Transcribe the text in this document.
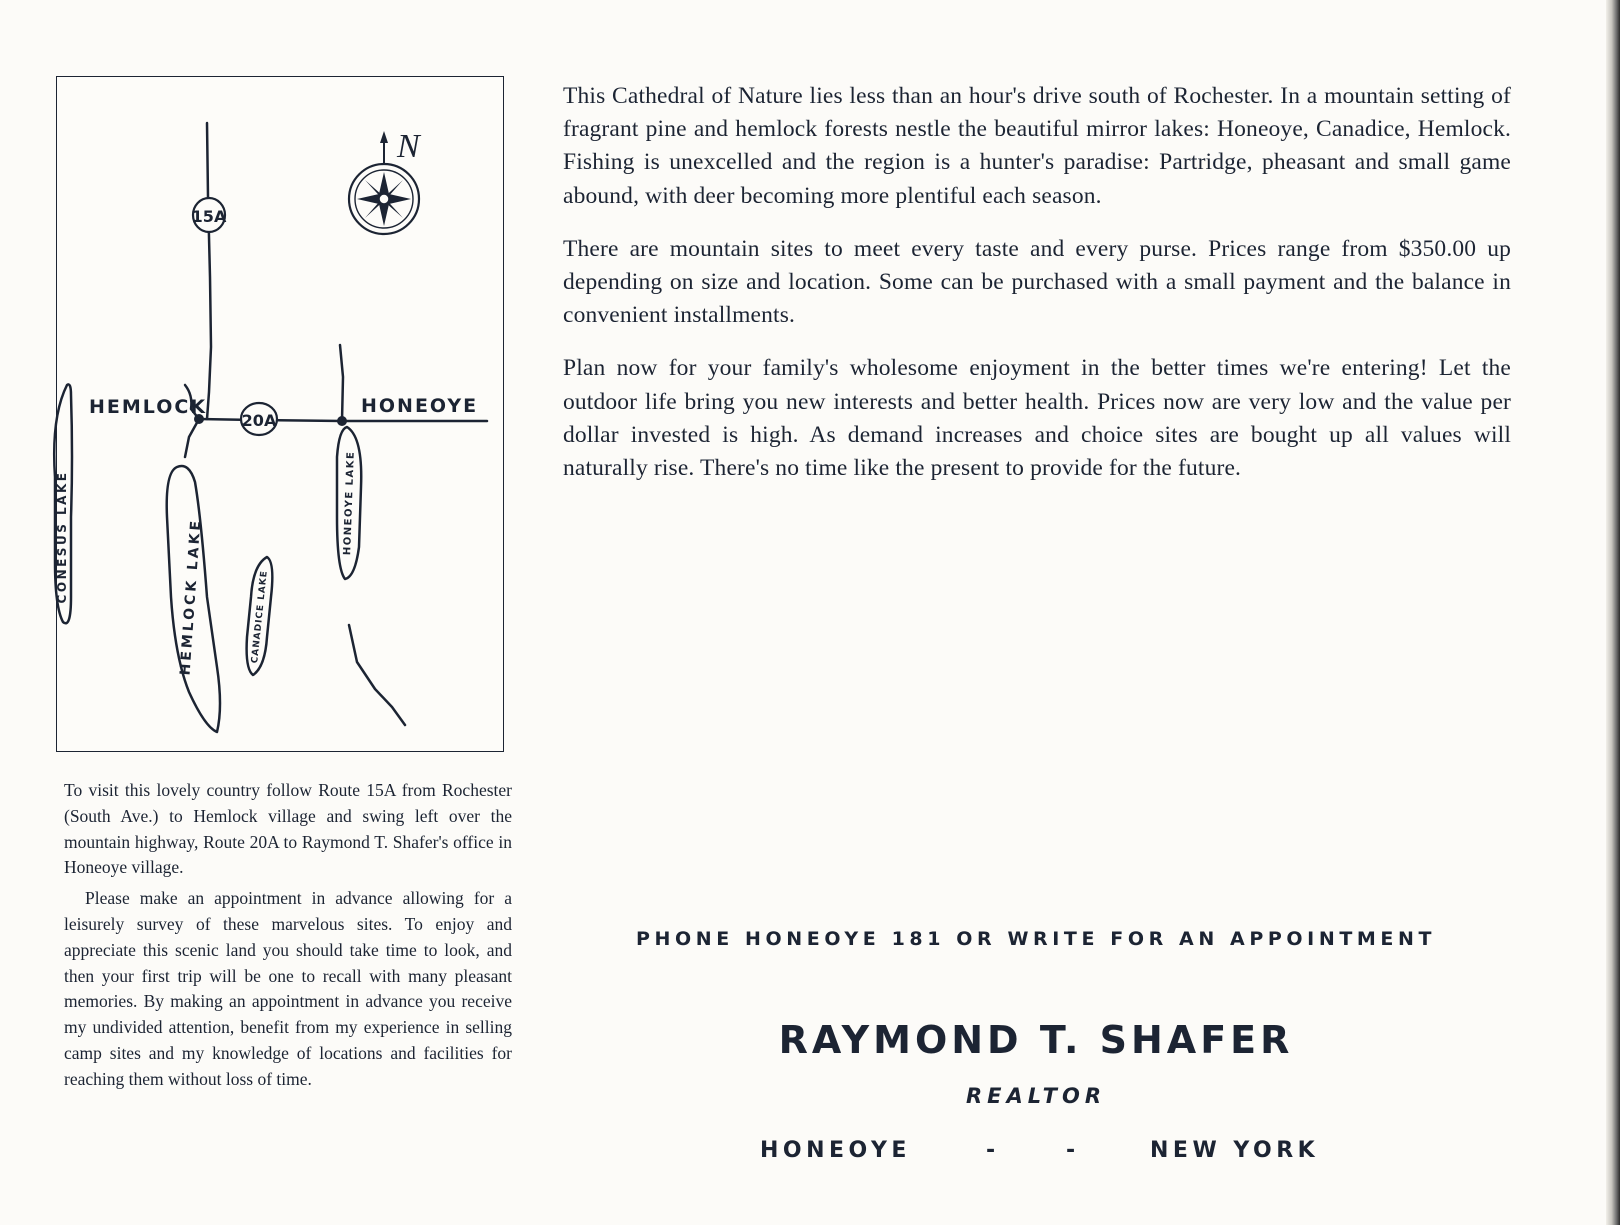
15A
20A
HEMLOCK	HONEOYE
CONESUS LAKE	HEMLOCK LAKE	CANADICE LAKE
HONEOYE LAKE
N

To visit this lovely country follow Route 15A from Rochester (South Ave.) to Hemlock village and swing left over the mountain highway, Route 20A to Raymond T. Shafer's office in Honeoye village.

Please make an appointment in advance allowing for a leisurely survey of these marvelous sites. To enjoy and appreciate this scenic land you should take time to look, and then your first trip will be one to recall with many pleasant memories. By making an appointment in advance you receive my undivided attention, benefit from my experience in selling camp sites and my knowledge of locations and facilities for reaching them without loss of time.

This Cathedral of Nature lies less than an hour's drive south of Rochester. In a mountain setting of fragrant pine and hemlock forests nestle the beautiful mirror lakes: Honeoye, Canadice, Hemlock. Fishing is unexcelled and the region is a hunter's paradise: Partridge, pheasant and small game abound, with deer becoming more plentiful each season.

There are mountain sites to meet every taste and every purse. Prices range from $350.00 up depending on size and location. Some can be purchased with a small payment and the balance in convenient installments.

Plan now for your family's wholesome enjoyment in the better times we're entering! Let the outdoor life bring you new interests and better health. Prices now are very low and the value per dollar invested is high. As demand increases and choice sites are bought up all values will naturally rise. There's no time like the present to provide for the future.

PHONE HONEOYE 181 OR WRITE FOR AN APPOINTMENT
RAYMOND T. SHAFER
REALTOR
HONEOYE	-	-	NEW YORK
